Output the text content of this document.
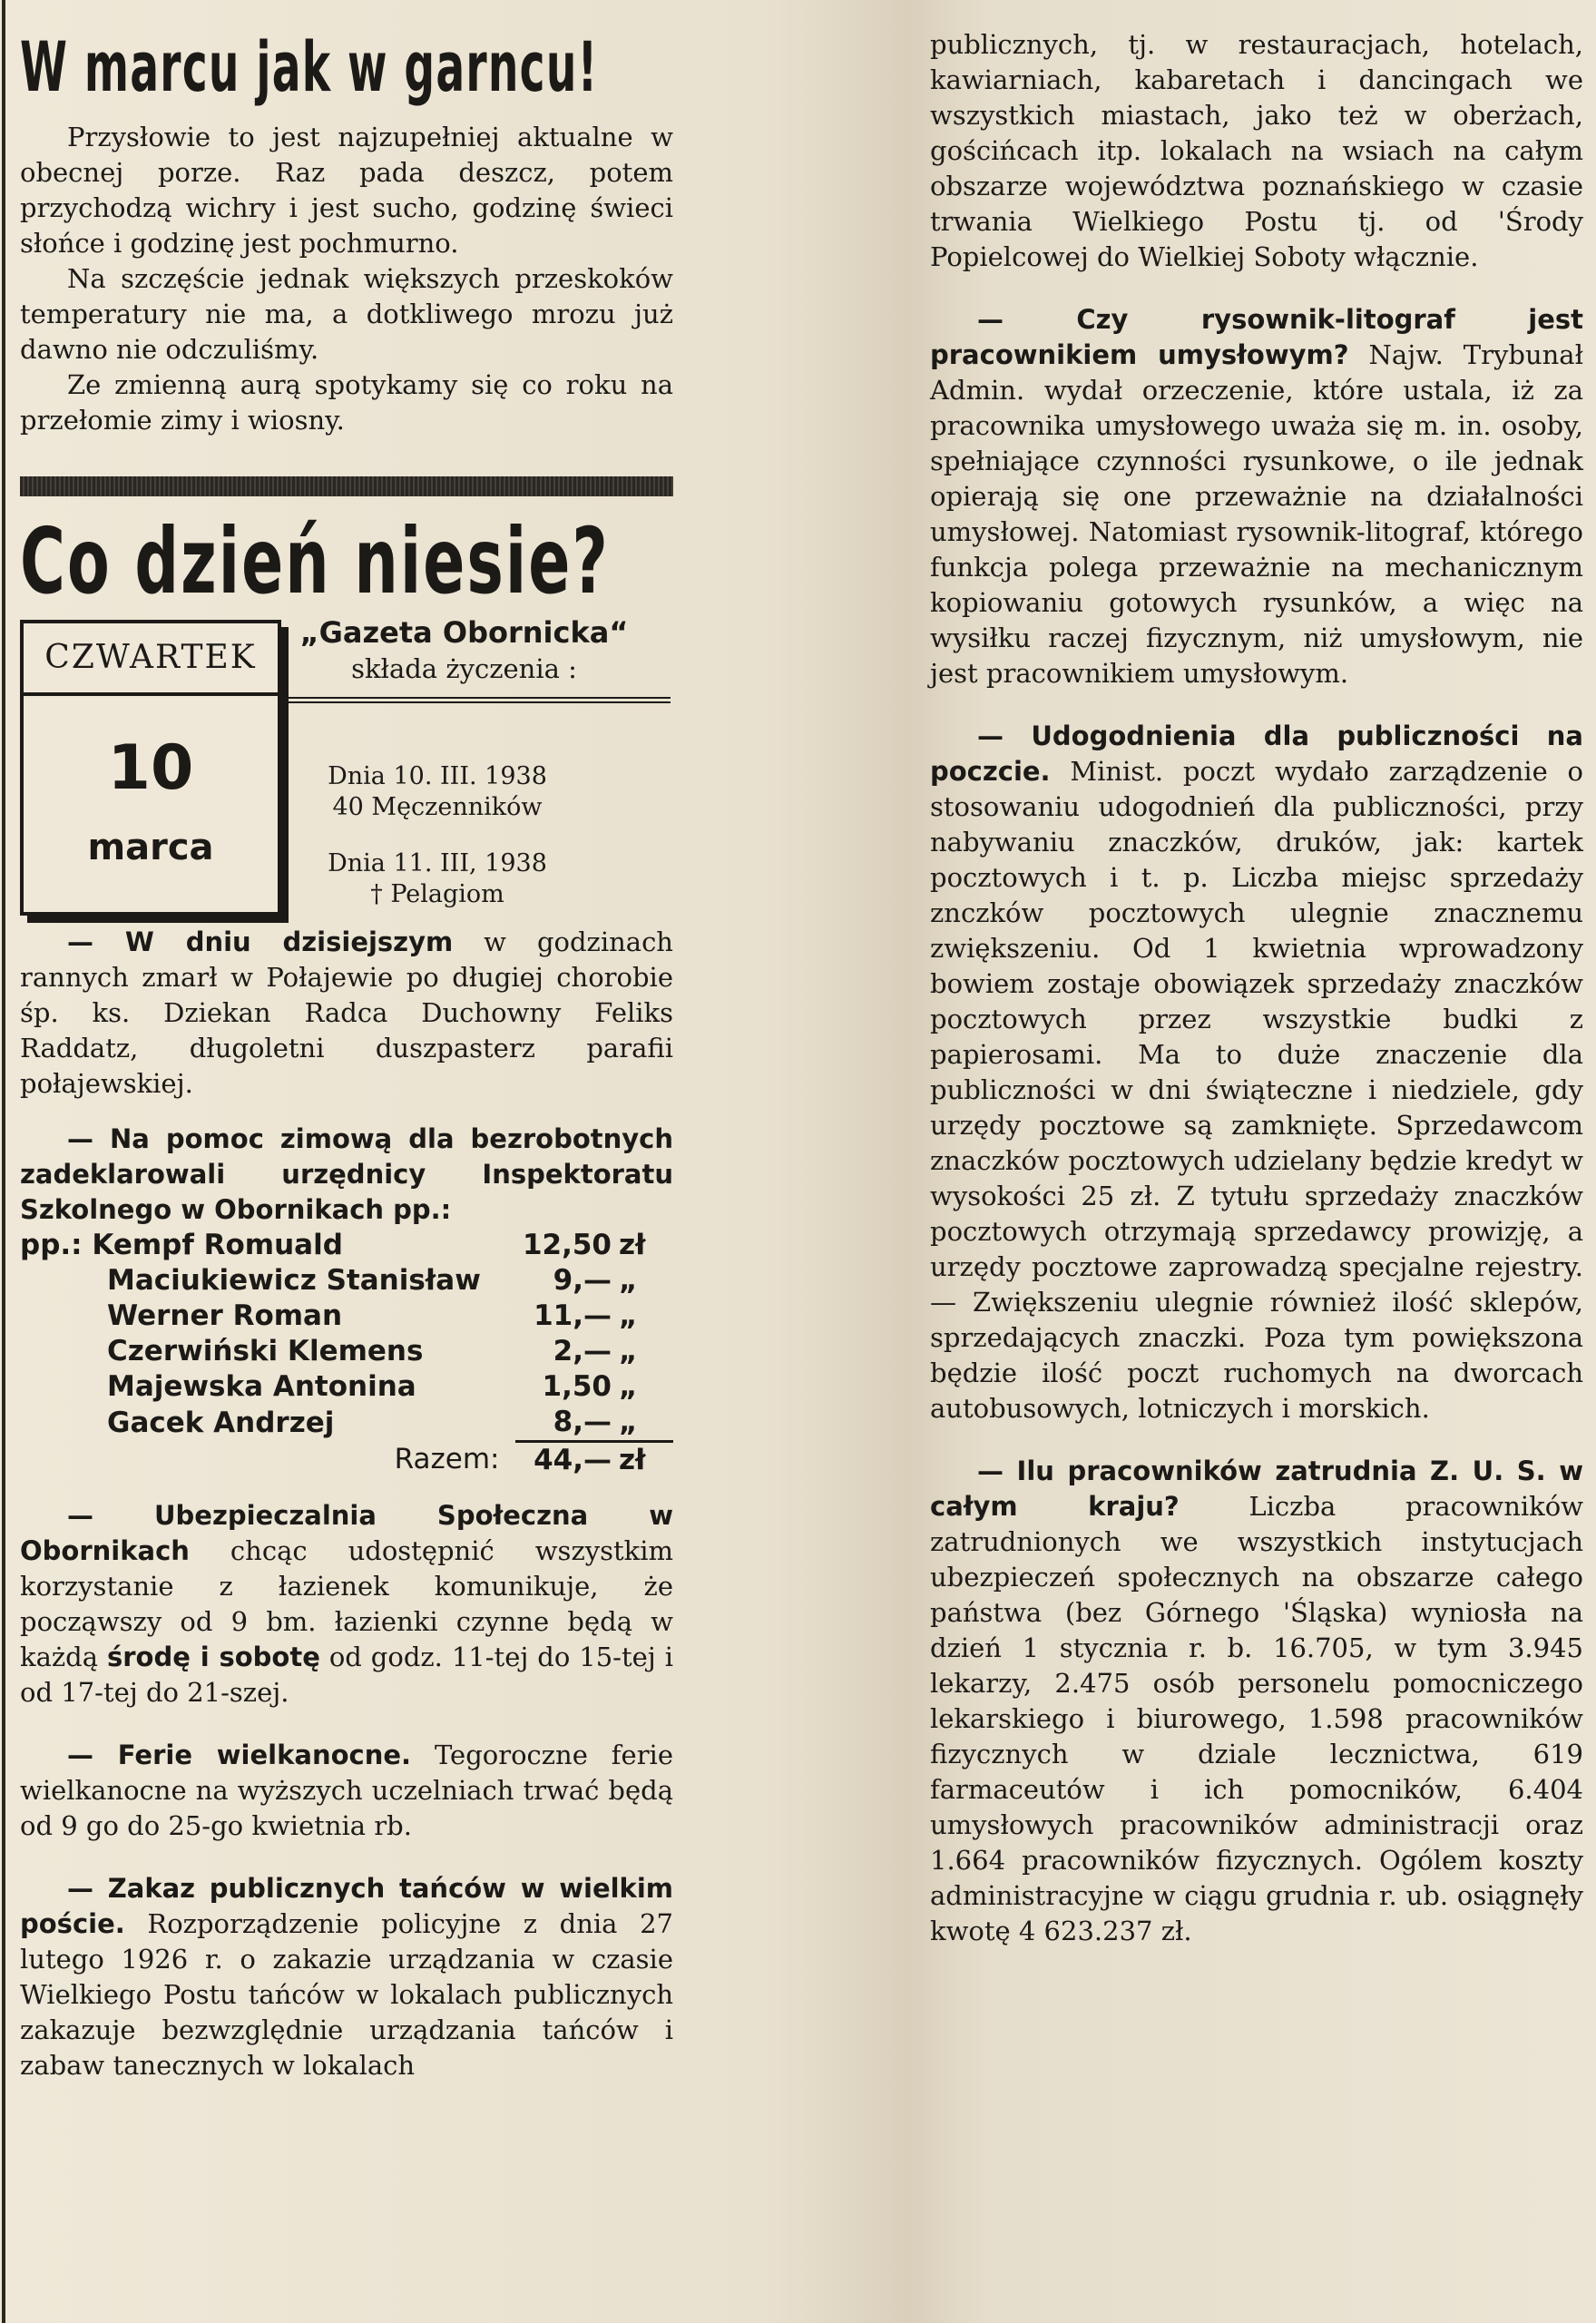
W marcu jak w garncu!

Przysłowie to jest najzupełniej aktualne w obecnej porze. Raz pada deszcz, potem przychodzą wichry i jest sucho, godzinę świeci słońce i godzinę jest pochmurno.

Na szczęście jednak większych przeskoków temperatury nie ma, a dotkliwego mrozu już dawno nie odczuliśmy.

Ze zmienną aurą spotykamy się co roku na przełomie zimy i wiosny.

Co dzień niesie?
„Gazeta Obornicka“
składa życzenia :
CZWARTEK
10
marca
Dnia 10. III. 1938
40 Męczenników
Dnia 11. III, 1938
† Pelagiom

— W dniu dzisiejszym w godzinach rannych zmarł w Połajewie po długiej chorobie śp. ks. Dziekan Radca Duchowny Feliks Raddatz, długoletni duszpasterz parafii połajewskiej.

— Na pomoc zimową dla bezrobotnych zadeklarowali urzędnicy Inspektoratu Szkolnego w Obornikach pp.:

pp.: Kempf Romuald	12,50	zł
Maciukiewicz Stanisław	9,—	„
Werner Roman	11,—	„
Czerwiński Klemens	2,—	„
Majewska Antonina	1,50	„
Gacek Andrzej	8,—	„
Razem:	44,—	zł

— Ubezpieczalnia Społeczna w Obornikach chcąc udostępnić wszystkim korzystanie z łazienek komunikuje, że począwszy od 9 bm. łazienki czynne będą w każdą środę i sobotę od godz. 11-tej do 15-tej i od 17-tej do 21-szej.

— Ferie wielkanocne. Tegoroczne ferie wielkanocne na wyższych uczelniach trwać będą od 9 go do 25-go kwietnia rb.

— Zakaz publicznych tańców w wielkim poście. Rozporządzenie policyjne z dnia 27 lutego 1926 r. o zakazie urządzania w czasie Wielkiego Postu tańców w lokalach publicznych zakazuje bezwzględnie urządzania tańców i zabaw tanecznych w lokalach

publicznych, tj. w restauracjach, hotelach, kawiarniach, kabaretach i dancingach we wszystkich miastach, jako też w oberżach, gościńcach itp. lokalach na wsiach na całym obszarze województwa poznańskiego w czasie trwania Wielkiego Postu tj. od 'Środy Popielcowej do Wielkiej Soboty włącznie.

— Czy rysownik-litograf jest pracownikiem umysłowym? Najw. Trybunał Admin. wydał orzeczenie, które ustala, iż za pracownika umysłowego uważa się m. in. osoby, spełniające czynności rysunkowe, o ile jednak opierają się one przeważnie na działalności umysłowej. Natomiast rysownik-litograf, którego funkcja polega przeważnie na mechanicznym kopiowaniu gotowych rysunków, a więc na wysiłku raczej fizycznym, niż umysłowym, nie jest pracownikiem umysłowym.

— Udogodnienia dla publiczności na poczcie. Minist. poczt wydało zarządzenie o stosowaniu udogodnień dla publiczności, przy nabywaniu znaczków, druków, jak: kartek pocztowych i t. p. Liczba miejsc sprzedaży znczków pocztowych ulegnie znacznemu zwiększeniu. Od 1 kwietnia wprowadzony bowiem zostaje obowiązek sprzedaży znaczków pocztowych przez wszystkie budki z papierosami. Ma to duże znaczenie dla publiczności w dni świąteczne i niedziele, gdy urzędy pocztowe są zamknięte. Sprzedawcom znaczków pocztowych udzielany będzie kredyt w wysokości 25 zł. Z tytułu sprzedaży znaczków pocztowych otrzymają sprzedawcy prowizję, a urzędy pocztowe zaprowadzą specjalne rejestry. — Zwiększeniu ulegnie również ilość sklepów, sprzedających znaczki. Poza tym powiększona będzie ilość poczt ruchomych na dworcach autobusowych, lotniczych i morskich.

— Ilu pracowników zatrudnia Z. U. S. w całym kraju? Liczba pracowników zatrudnionych we wszystkich instytucjach ubezpieczeń społecznych na obszarze całego państwa (bez Górnego 'Śląska) wyniosła na dzień 1 stycznia r. b. 16.705, w tym 3.945 lekarzy, 2.475 osób personelu pomocniczego lekarskiego i biurowego, 1.598 pracowników fizycznych w dziale lecznictwa, 619 farmaceutów i ich pomocników, 6.404 umysłowych pracowników administracji oraz 1.664 pracowników fizycznych. Ogólem koszty administracyjne w ciągu grudnia r. ub. osiągnęły kwotę 4 623.237 zł.
